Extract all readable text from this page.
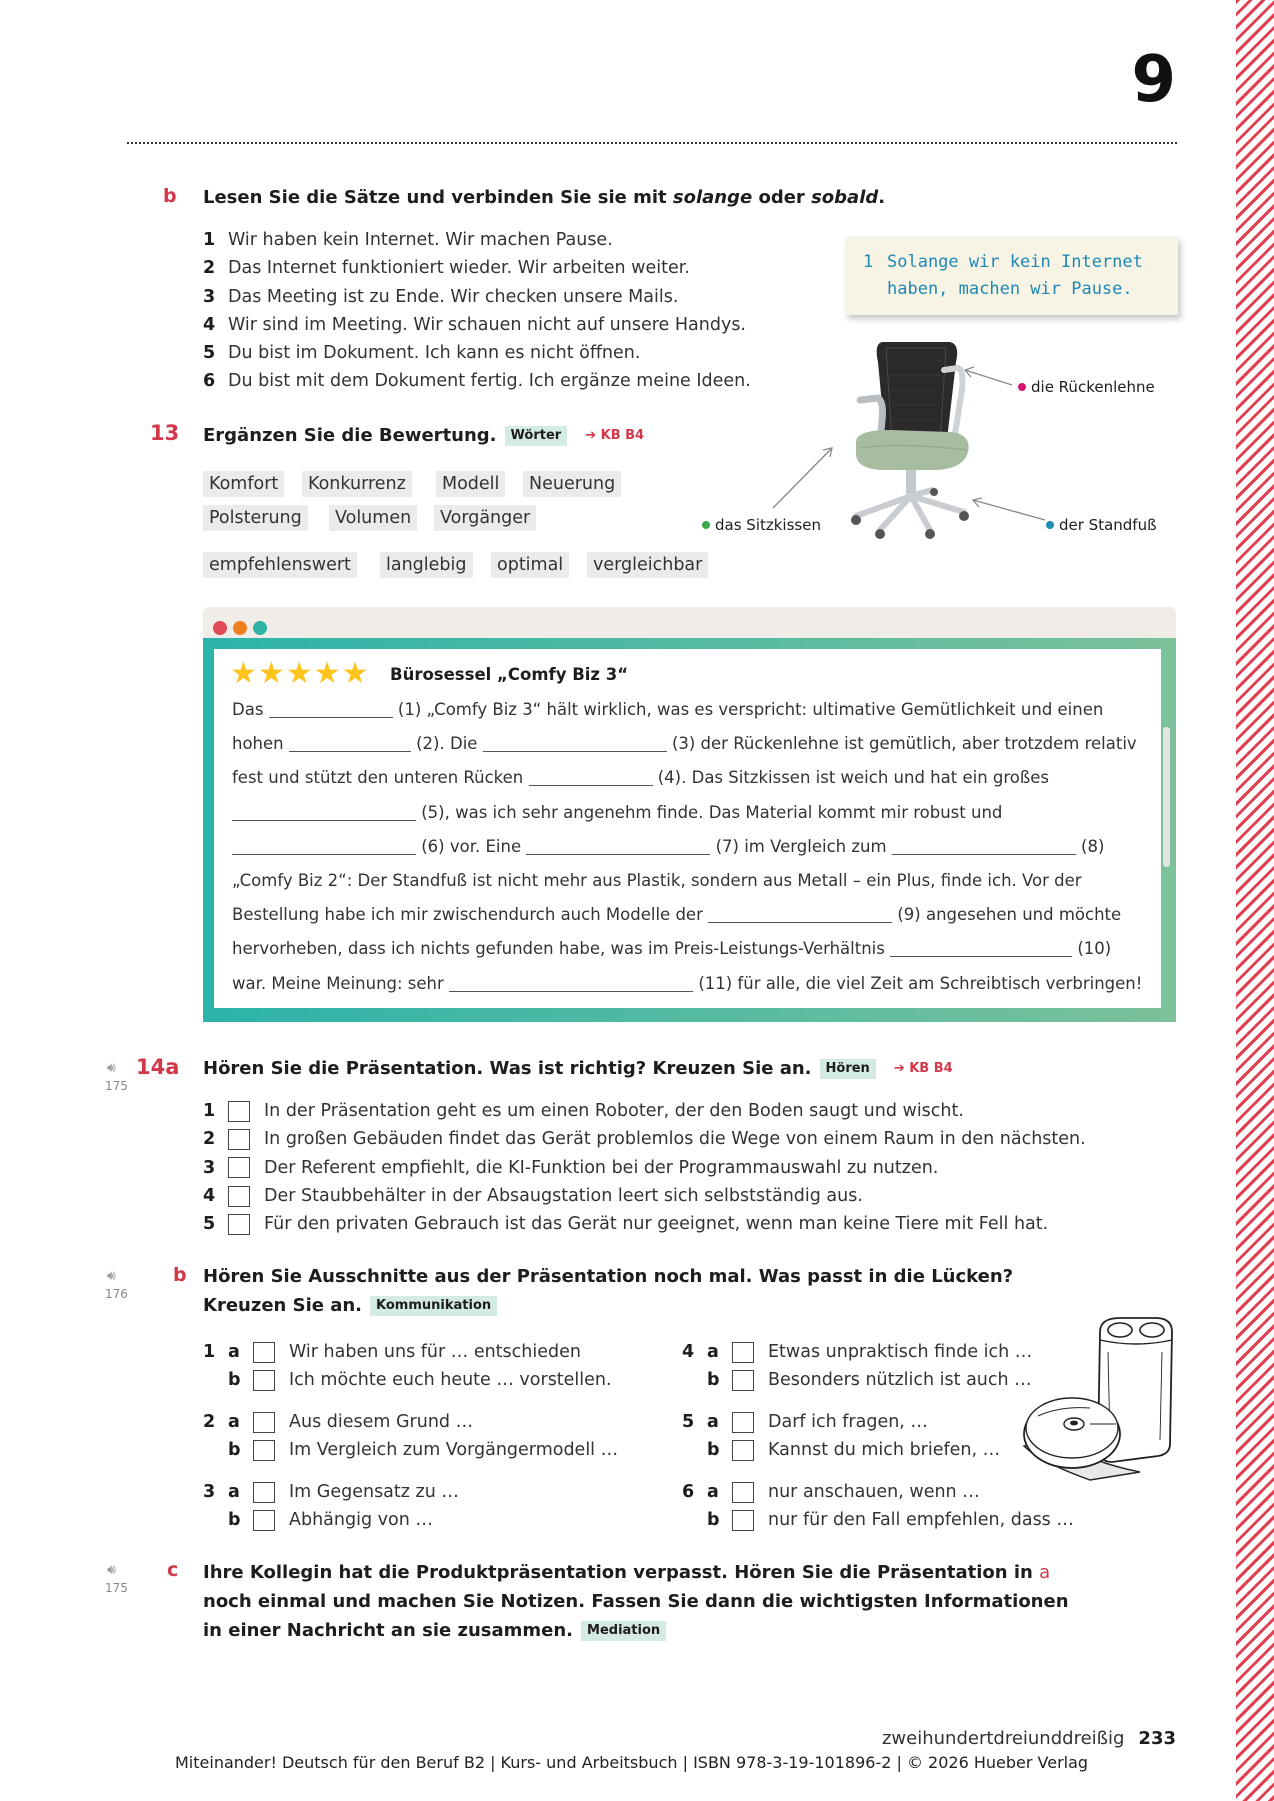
9
b Lesen Sie die Sätze und verbinden Sie sie mit solange oder sobald.
1 Wir haben kein Internet. Wir machen Pause.
2 Das Internet funktioniert wieder. Wir arbeiten weiter.
3 Das Meeting ist zu Ende. Wir checken unsere Mails.
4 Wir sind im Meeting. Wir schauen nicht auf unsere Handys.
5 Du bist im Dokument. Ich kann es nicht öffnen.
6 Du bist mit dem Dokument fertig. Ich ergänze meine Ideen.
1 Solange wir kein Internet
haben, machen wir Pause.
die Rückenlehne
das Sitzkissen	der Standfuß
13 Ergänzen Sie die Bewertung. Wörter ➔ KB B4
Komfort	Konkurrenz	Modell	Neuerung
Polsterung	Volumen	Vorgänger
empfehlenswert	langlebig	optimal	vergleichbar
★★★★★ Bürosessel „Comfy Biz 3“
Das	(1) „Comfy Biz 3“ hält wirklich, was es verspricht: ultimative Gemütlichkeit und einen
hohen	(2). Die	(3) der Rückenlehne ist gemütlich, aber trotzdem relativ
fest und stützt den unteren Rücken	(4). Das Sitzkissen ist weich und hat ein großes
(5), was ich sehr angenehm finde. Das Material kommt mir robust und
(6) vor. Eine	(7) im Vergleich zum	(8)
„Comfy Biz 2“: Der Standfuß ist nicht mehr aus Plastik, sondern aus Metall – ein Plus, finde ich. Vor der
Bestellung habe ich mir zwischendurch auch Modelle der	(9) angesehen und möchte
hervorheben, dass ich nichts gefunden habe, was im Preis-Leistungs-Verhältnis	(10)
war. Meine Meinung: sehr	(11) für alle, die viel Zeit am Schreibtisch verbringen!
🔊︎
175
14a Hören Sie die Präsentation. Was ist richtig? Kreuzen Sie an. Hören ➔ KB B4
1	In der Präsentation geht es um einen Roboter, der den Boden saugt und wischt.
2	In großen Gebäuden findet das Gerät problemlos die Wege von einem Raum in den nächsten.
3	Der Referent empfiehlt, die KI-Funktion bei der Programmauswahl zu nutzen.
4	Der Staubbehälter in der Absaugstation leert sich selbstständig aus.
5	Für den privaten Gebrauch ist das Gerät nur geeignet, wenn man keine Tiere mit Fell hat.
🔊︎
176
b Hören Sie Ausschnitte aus der Präsentation noch mal. Was passt in die Lücken?
Kreuzen Sie an. Kommunikation
1 a	Wir haben uns für … entschieden
b	Ich möchte euch heute … vorstellen.
2 a	Aus diesem Grund …
b	Im Vergleich zum Vorgängermodell …
3 a	Im Gegensatz zu …
b	Abhängig von …
4 a	Etwas unpraktisch finde ich …
b	Besonders nützlich ist auch …
5 a	Darf ich fragen, …
b	Kannst du mich briefen, …
6 a	nur anschauen, wenn …
b	nur für den Fall empfehlen, dass …
🔊︎
175
c Ihre Kollegin hat die Produktpräsentation verpasst. Hören Sie die Präsentation in a
noch einmal und machen Sie Notizen. Fassen Sie dann die wichtigsten Informationen
in einer Nachricht an sie zusammen. Mediation
zweihundertdreiunddreißig 233
Miteinander! Deutsch für den Beruf B2 | Kurs- und Arbeitsbuch | ISBN 978-3-19-101896-2 | © 2026 Hueber Verlag
